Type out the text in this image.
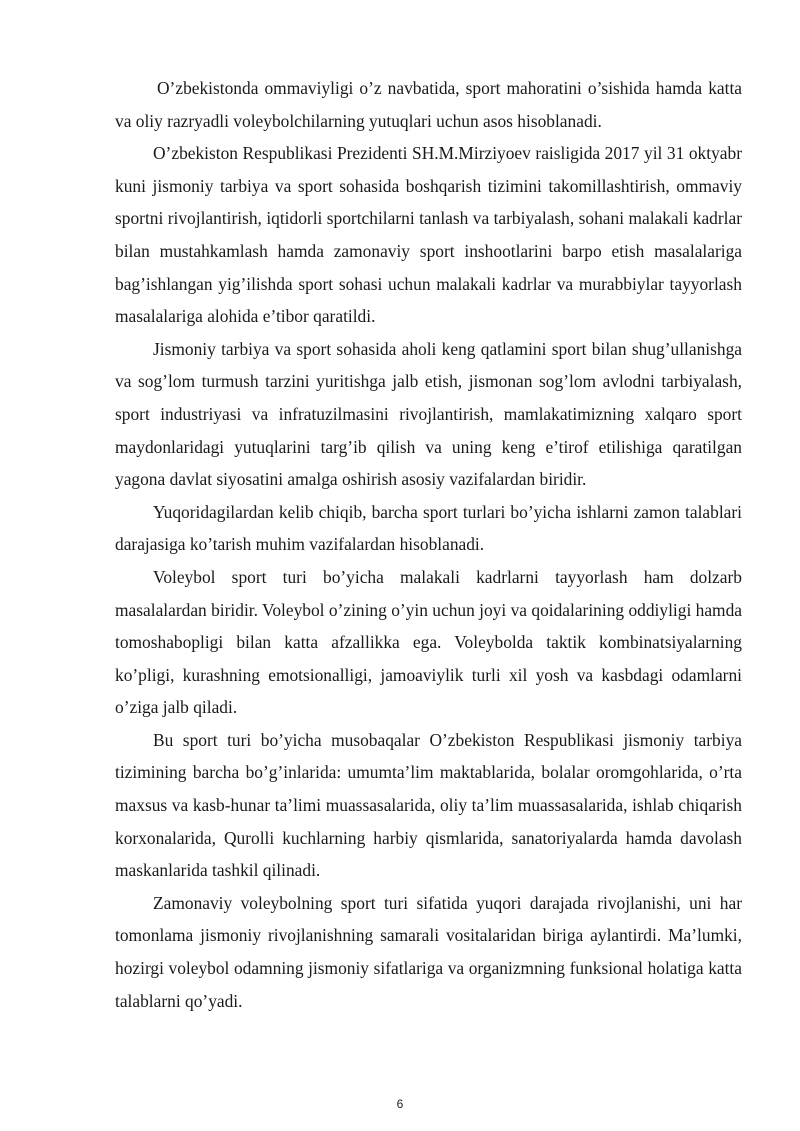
O’zbekistonda ommaviyligi o’z navbatida, sport mahoratini o’sishida hamda katta va oliy razryadli voleybolchilarning yutuqlari uchun asos hisoblanadi.

O’zbekiston Respublikasi Prezidenti SH.M.Mirziyoev raisligida 2017 yil 31 oktyabr kuni jismoniy tarbiya va sport sohasida boshqarish tizimini takomillashtirish, ommaviy sportni rivojlantirish, iqtidorli sportchilarni tanlash va tarbiyalash, sohani malakali kadrlar bilan mustahkamlash hamda zamonaviy sport inshootlarini barpo etish masalalariga bag’ishlangan yig’ilishda sport sohasi uchun malakali kadrlar va murabbiylar tayyorlash masalalariga alohida e’tibor qaratildi.

Jismoniy tarbiya va sport sohasida aholi keng qatlamini sport bilan shug’ullanishga va sog’lom turmush tarzini yuritishga jalb etish, jismonan sog’lom avlodni tarbiyalash, sport industriyasi va infratuzilmasini rivojlantirish, mamlakatimizning xalqaro sport maydonlaridagi yutuqlarini targ’ib qilish va uning keng e’tirof etilishiga qaratilgan yagona davlat siyosatini amalga oshirish asosiy vazifalardan biridir.

Yuqoridagilardan kelib chiqib, barcha sport turlari bo’yicha ishlarni zamon talablari darajasiga ko’tarish muhim vazifalardan hisoblanadi.

Voleybol sport turi bo’yicha malakali kadrlarni tayyorlash ham dolzarb masalalardan biridir. Voleybol o’zining o’yin uchun joyi va qoidalarining oddiyligi hamda tomoshabopligi bilan katta afzallikka ega. Voleybolda taktik kombinatsiyalarning ko’pligi, kurashning emotsionalligi, jamoaviylik turli xil yosh va kasbdagi odamlarni o’ziga jalb qiladi.

Bu sport turi bo’yicha musobaqalar O’zbekiston Respublikasi jismoniy tarbiya tizimining barcha bo’g’inlarida: umumta’lim maktablarida, bolalar oromgohlarida, o’rta maxsus va kasb-hunar ta’limi muassasalarida, oliy ta’lim muassasalarida, ishlab chiqarish korxonalarida, Qurolli kuchlarning harbiy qismlarida, sanatoriyalarda hamda davolash maskanlarida tashkil qilinadi.

Zamonaviy voleybolning sport turi sifatida yuqori darajada rivojlanishi, uni har tomonlama jismoniy rivojlanishning samarali vositalaridan biriga aylantirdi. Ma’lumki, hozirgi voleybol odamning jismoniy sifatlariga va organizmning funksional holatiga katta talablarni qo’yadi.

6
